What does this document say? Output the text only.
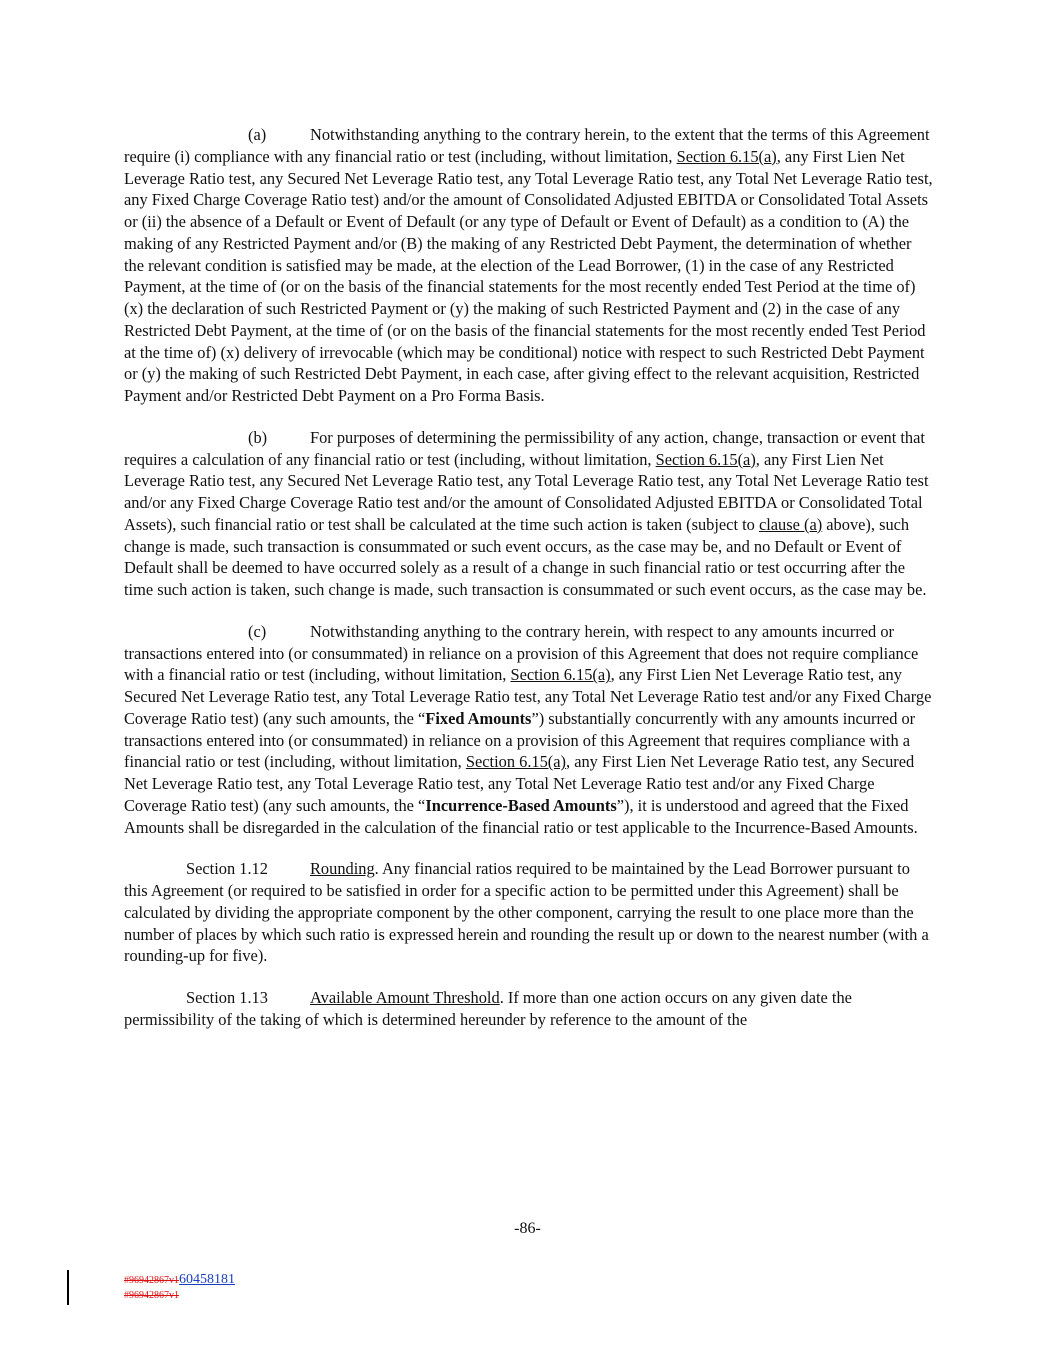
(a)	Notwithstanding anything to the contrary herein, to the extent that the terms of this Agreement require (i) compliance with any financial ratio or test (including, without limitation, Section 6.15(a), any First Lien Net Leverage Ratio test, any Secured Net Leverage Ratio test, any Total Leverage Ratio test, any Total Net Leverage Ratio test, any Fixed Charge Coverage Ratio test) and/or the amount of Consolidated Adjusted EBITDA or Consolidated Total Assets or (ii) the absence of a Default or Event of Default (or any type of Default or Event of Default) as a condition to (A) the making of any Restricted Payment and/or (B) the making of any Restricted Debt Payment, the determination of whether the relevant condition is satisfied may be made, at the election of the Lead Borrower, (1) in the case of any Restricted Payment, at the time of (or on the basis of the financial statements for the most recently ended Test Period at the time of) (x) the declaration of such Restricted Payment or (y) the making of such Restricted Payment and (2) in the case of any Restricted Debt Payment, at the time of (or on the basis of the financial statements for the most recently ended Test Period at the time of) (x) delivery of irrevocable (which may be conditional) notice with respect to such Restricted Debt Payment or (y) the making of such Restricted Debt Payment, in each case, after giving effect to the relevant acquisition, Restricted Payment and/or Restricted Debt Payment on a Pro Forma Basis.

(b)	For purposes of determining the permissibility of any action, change, transaction or event that requires a calculation of any financial ratio or test (including, without limitation, Section 6.15(a), any First Lien Net Leverage Ratio test, any Secured Net Leverage Ratio test, any Total Leverage Ratio test, any Total Net Leverage Ratio test and/or any Fixed Charge Coverage Ratio test and/or the amount of Consolidated Adjusted EBITDA or Consolidated Total Assets), such financial ratio or test shall be calculated at the time such action is taken (subject to clause (a) above), such change is made, such transaction is consummated or such event occurs, as the case may be, and no Default or Event of Default shall be deemed to have occurred solely as a result of a change in such financial ratio or test occurring after the time such action is taken, such change is made, such transaction is consummated or such event occurs, as the case may be.

(c)	Notwithstanding anything to the contrary herein, with respect to any amounts incurred or transactions entered into (or consummated) in reliance on a provision of this Agreement that does not require compliance with a financial ratio or test (including, without limitation, Section 6.15(a), any First Lien Net Leverage Ratio test, any Secured Net Leverage Ratio test, any Total Leverage Ratio test, any Total Net Leverage Ratio test and/or any Fixed Charge Coverage Ratio test) (any such amounts, the “Fixed Amounts”) substantially concurrently with any amounts incurred or transactions entered into (or consummated) in reliance on a provision of this Agreement that requires compliance with a financial ratio or test (including, without limitation, Section 6.15(a), any First Lien Net Leverage Ratio test, any Secured Net Leverage Ratio test, any Total Leverage Ratio test, any Total Net Leverage Ratio test and/or any Fixed Charge Coverage Ratio test) (any such amounts, the “Incurrence-Based Amounts”), it is understood and agreed that the Fixed Amounts shall be disregarded in the calculation of the financial ratio or test applicable to the Incurrence-Based Amounts.

Section 1.12	Rounding. Any financial ratios required to be maintained by the Lead Borrower pursuant to this Agreement (or required to be satisfied in order for a specific action to be permitted under this Agreement) shall be calculated by dividing the appropriate component by the other component, carrying the result to one place more than the number of places by which such ratio is expressed herein and rounding the result up or down to the nearest number (with a rounding-up for five).

Section 1.13	Available Amount Threshold. If more than one action occurs on any given date the permissibility of the taking of which is determined hereunder by reference to the amount of the

-86-
#96942867v160458181
#96942867v1
